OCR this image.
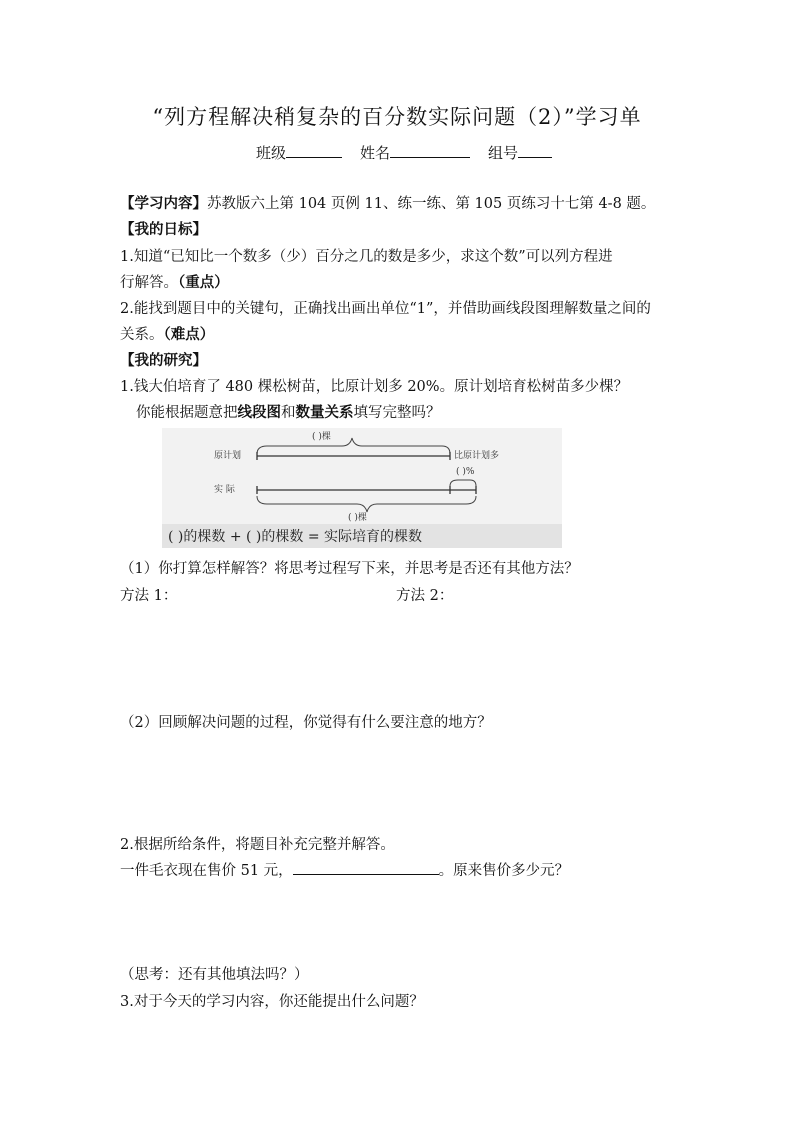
“列方程解决稍复杂的百分数实际问题（2）”学习单
班级	姓名	组号
【学习内容】苏教版六上第 104 页例 11、练一练、第 105 页练习十七第 4-8 题。
【我的日标】
1.知道“已知比一个数多（少）百分之几的数是多少，求这个数”可以列方程进
行解答。（重点）
2.能找到题目中的关键句，正确找出画出单位“1”，并借助画线段图理解数量之间的
关系。（难点）
【我的研究】
1.钱大伯培育了 480 棵松树苗，比原计划多 20%。原计划培育松树苗多少棵？
你能根据题意把线段图和数量关系填写完整吗？
( )棵
原计划	比原计划多
( )%
实 际
( )棵
( )的棵数 + ( )的棵数 = 实际培育的棵数
（1）你打算怎样解答？将思考过程写下来，并思考是否还有其他方法？
方法 1：	方法 2：
（2）回顾解决问题的过程，你觉得有什么要注意的地方？
2.根据所给条件，将题目补充完整并解答。
一件毛衣现在售价 51 元，	。原来售价多少元？
（思考：还有其他填法吗？）
3.对于今天的学习内容，你还能提出什么问题？
